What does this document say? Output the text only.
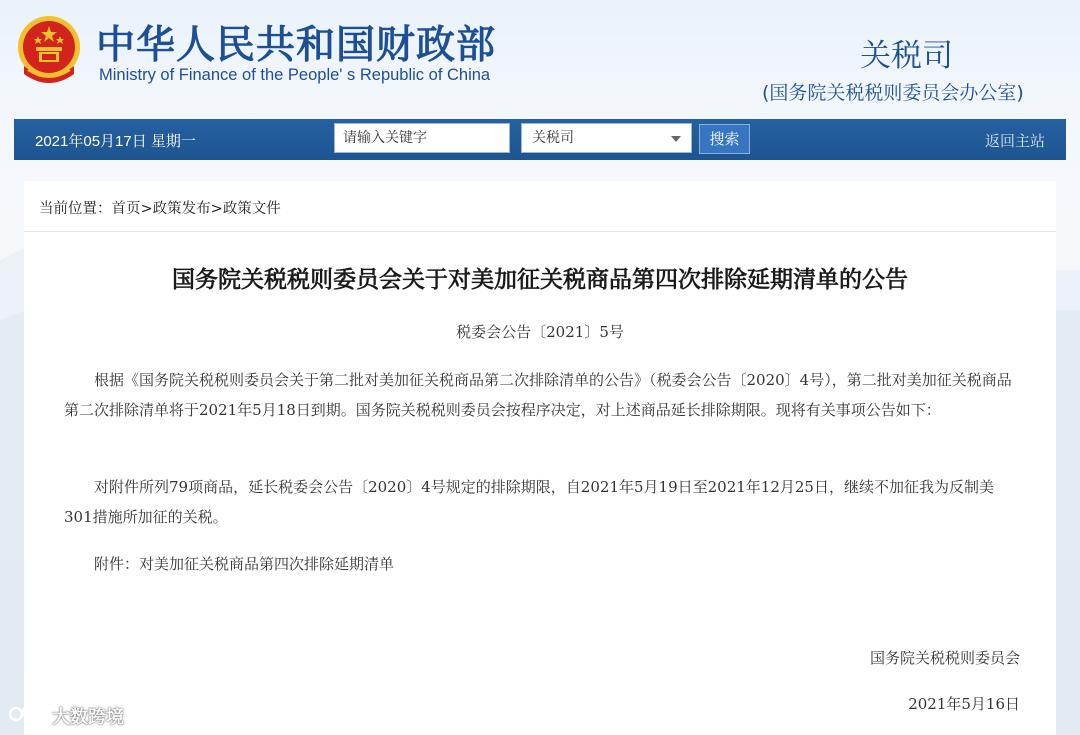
中华人民共和国财政部
Ministry of Finance of the People' s Republic of China
关税司
(国务院关税税则委员会办公室)
2021年05月17日 星期一	请输入关键字	关税司	搜索	返回主站
当前位置：首页>政策发布>政策文件
国务院关税税则委员会关于对美加征关税商品第四次排除延期清单的公告
税委会公告〔2021〕5号

根据《国务院关税税则委员会关于第二批对美加征关税商品第二次排除清单的公告》（税委会公告〔2020〕4号），第二批对美加征关税商品第二次排除清单将于2021年5月18日到期。国务院关税税则委员会按程序决定，对上述商品延长排除期限。现将有关事项公告如下：

对附件所列79项商品，延长税委会公告〔2020〕4号规定的排除期限，自2021年5月19日至2021年12月25日，继续不加征我为反制美301措施所加征的关税。

附件：对美加征关税商品第四次排除延期清单

国务院关税税则委员会
2021年5月16日
大数跨境
